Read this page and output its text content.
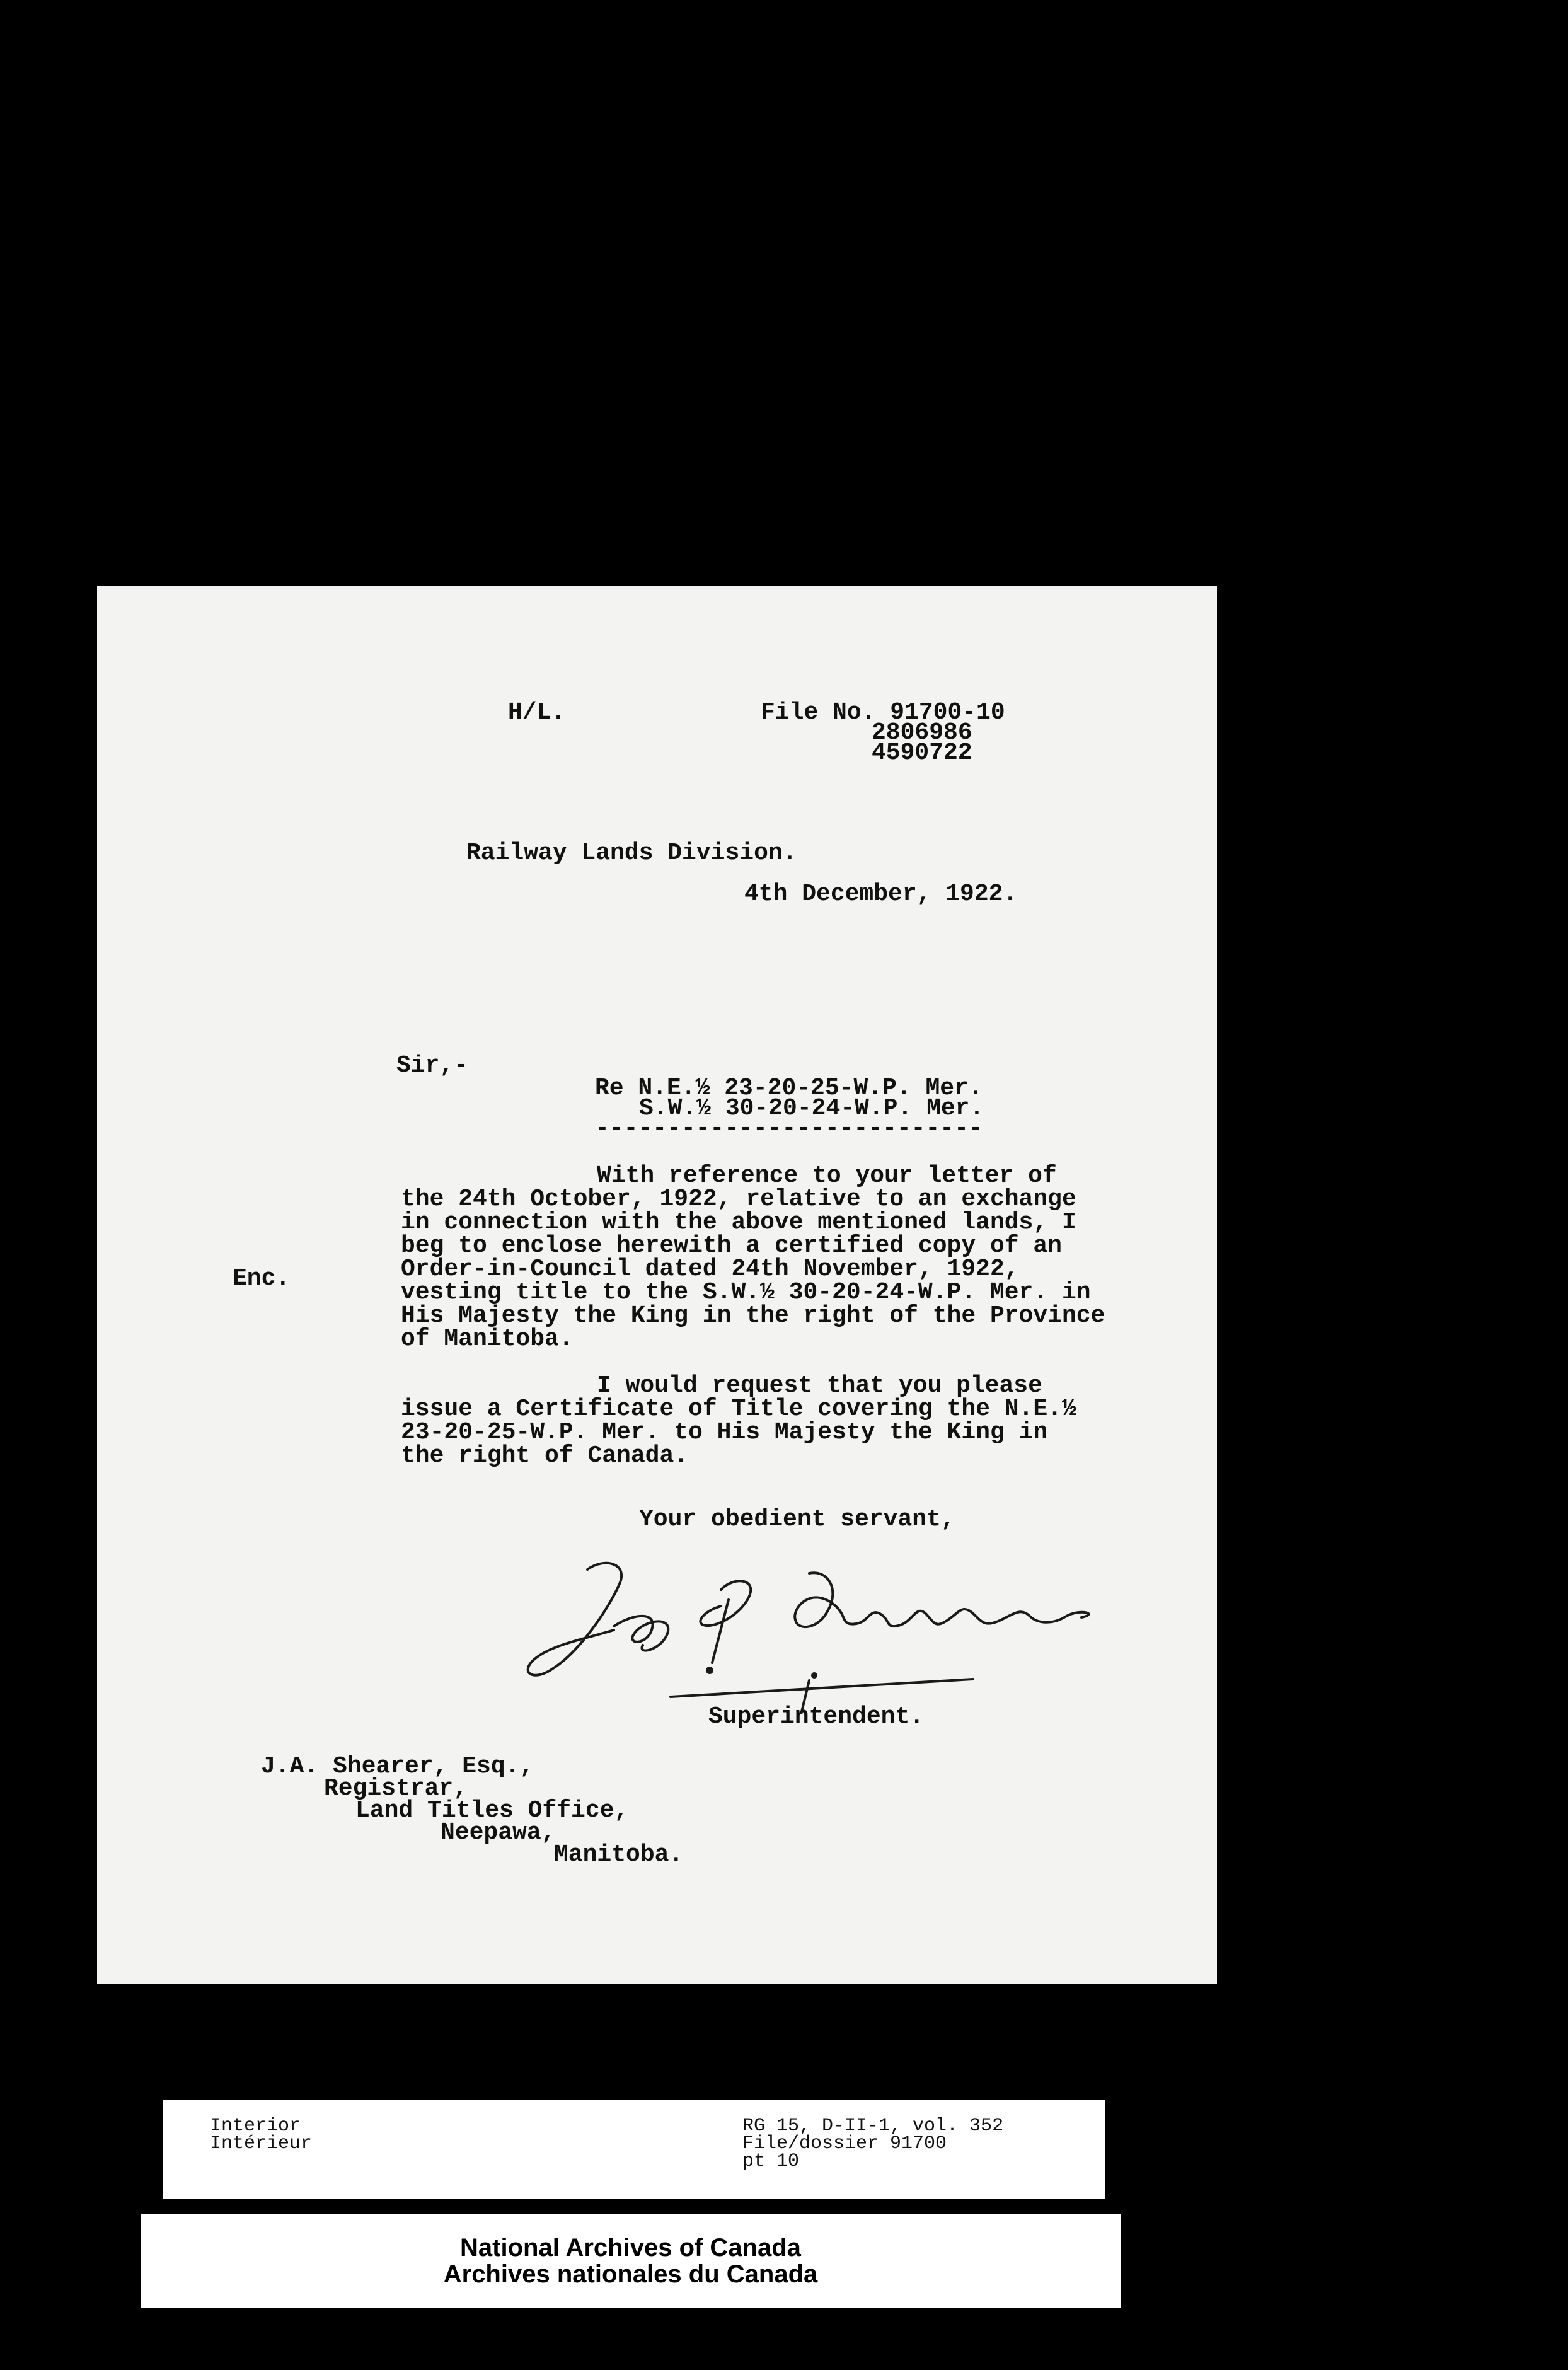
H/L.	File No. 91700-10
2806986
4590722
Railway Lands Division.
4th December, 1922.
Sir,-
Re N.E.½ 23-20-25-W.P. Mer.
S.W.½ 30-20-24-W.P. Mer.
---------------------------
Enc.
With reference to your letter of
the 24th October, 1922, relative to an exchange
in connection with the above mentioned lands, I
beg to enclose herewith a certified copy of an
Order-in-Council dated 24th November, 1922,
vesting title to the S.W.½ 30-20-24-W.P. Mer. in
His Majesty the King in the right of the Province
of Manitoba.
I would request that you please
issue a Certificate of Title covering the N.E.½
23-20-25-W.P. Mer. to His Majesty the King in
the right of Canada.
Your obedient servant,
Superintendent.
J.A. Shearer, Esq.,
Registrar,
Land Titles Office,
Neepawa,
Manitoba.
Interior
Intérieur
RG 15, D-II-1, vol. 352
File/dossier 91700
pt 10
National Archives of Canada
Archives nationales du Canada
